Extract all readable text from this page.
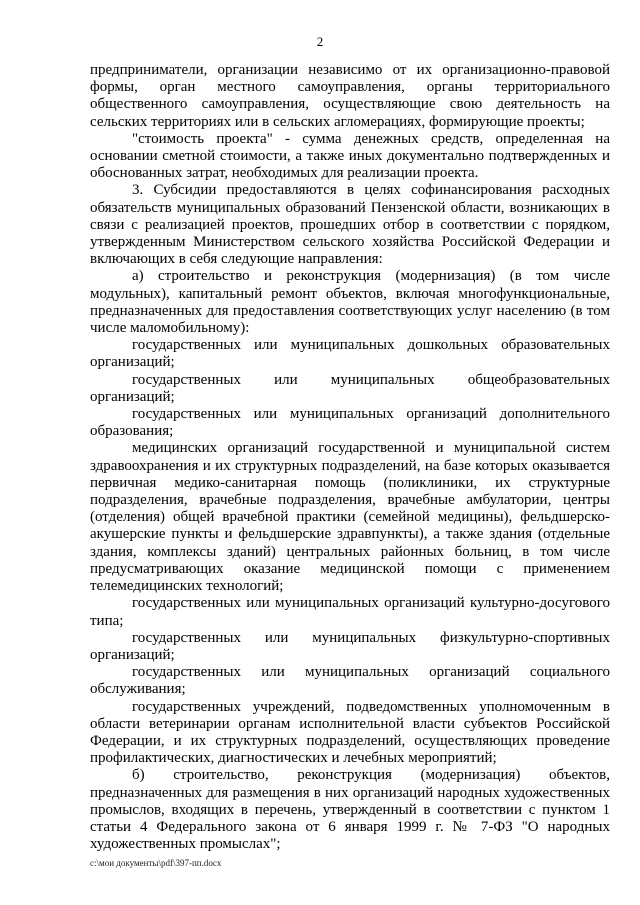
2

предприниматели, организации независимо от их организационно-правовой формы, орган местного самоуправления, органы территориального общественного самоуправления, осуществляющие свою деятельность на сельских территориях или в сельских агломерациях, формирующие проекты;

"стоимость проекта" - сумма денежных средств, определенная на основании сметной стоимости, а также иных документально подтвержденных и обоснованных затрат, необходимых для реализации проекта.

3. Субсидии предоставляются в целях софинансирования расходных обязательств муниципальных образований Пензенской области, возникающих в связи с реализацией проектов, прошедших отбор в соответствии с порядком, утвержденным Министерством сельского хозяйства Российской Федерации и включающих в себя следующие направления:

а) строительство и реконструкция (модернизация) (в том числе модульных), капитальный ремонт объектов, включая многофункциональные, предназначенных для предоставления соответствующих услуг населению (в том числе маломобильному):

государственных или муниципальных дошкольных образовательных организаций;

государственных или муниципальных общеобразовательных организаций;

государственных или муниципальных организаций дополнительного образования;

медицинских организаций государственной и муниципальной систем здравоохранения и их структурных подразделений, на базе которых оказывается первичная медико-санитарная помощь (поликлиники, их структурные подразделения, врачебные подразделения, врачебные амбулатории, центры (отделения) общей врачебной практики (семейной медицины), фельдшерско-акушерские пункты и фельдшерские здравпункты), а также здания (отдельные здания, комплексы зданий) центральных районных больниц, в том числе предусматривающих оказание медицинской помощи с применением телемедицинских технологий;

государственных или муниципальных организаций культурно-досугового типа;

государственных или муниципальных физкультурно-спортивных организаций;

государственных или муниципальных организаций социального обслуживания;

государственных учреждений, подведомственных уполномоченным в области ветеринарии органам исполнительной власти субъектов Российской Федерации, и их структурных подразделений, осуществляющих проведение профилактических, диагностических и лечебных мероприятий;

б) строительство, реконструкция (модернизация) объектов, предназначенных для размещения в них организаций народных художественных промыслов, входящих в перечень, утвержденный в соответствии с пунктом 1 статьи 4 Федерального закона от 6 января 1999 г. № 7-ФЗ "О народных художественных промыслах";

c:\мои документы\pdf\397-пп.docx
